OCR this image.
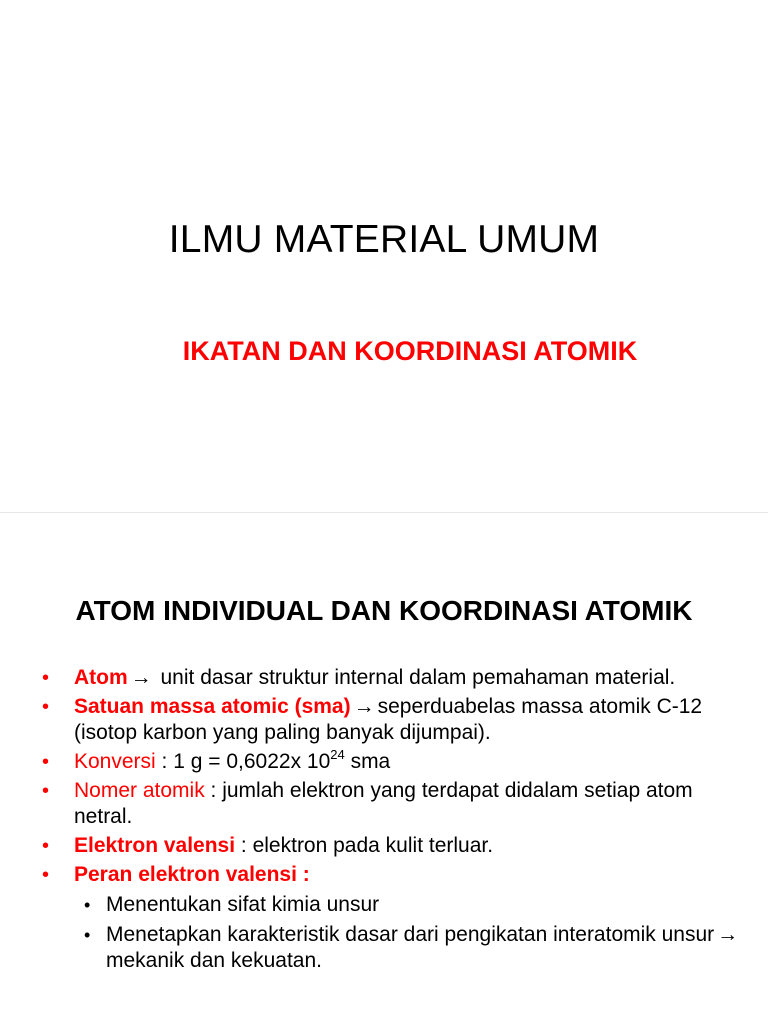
ILMU MATERIAL UMUM
IKATAN DAN KOORDINASI ATOMIK
ATOM INDIVIDUAL DAN KOORDINASI ATOMIK
• Atom → unit dasar struktur internal dalam pemahaman material.
• Satuan massa atomic (sma) → seperduabelas massa atomik C-12 (isotop karbon yang paling banyak dijumpai).
• Konversi : 1 g = 0,6022x $10^{24}$ sma
• Nomer atomik : jumlah elektron yang terdapat didalam setiap atom netral.
• Elektron valensi : elektron pada kulit terluar.
• Peran elektron valensi :
• Menentukan sifat kimia unsur
• Menetapkan karakteristik dasar dari pengikatan interatomik unsur → mekanik dan kekuatan.
